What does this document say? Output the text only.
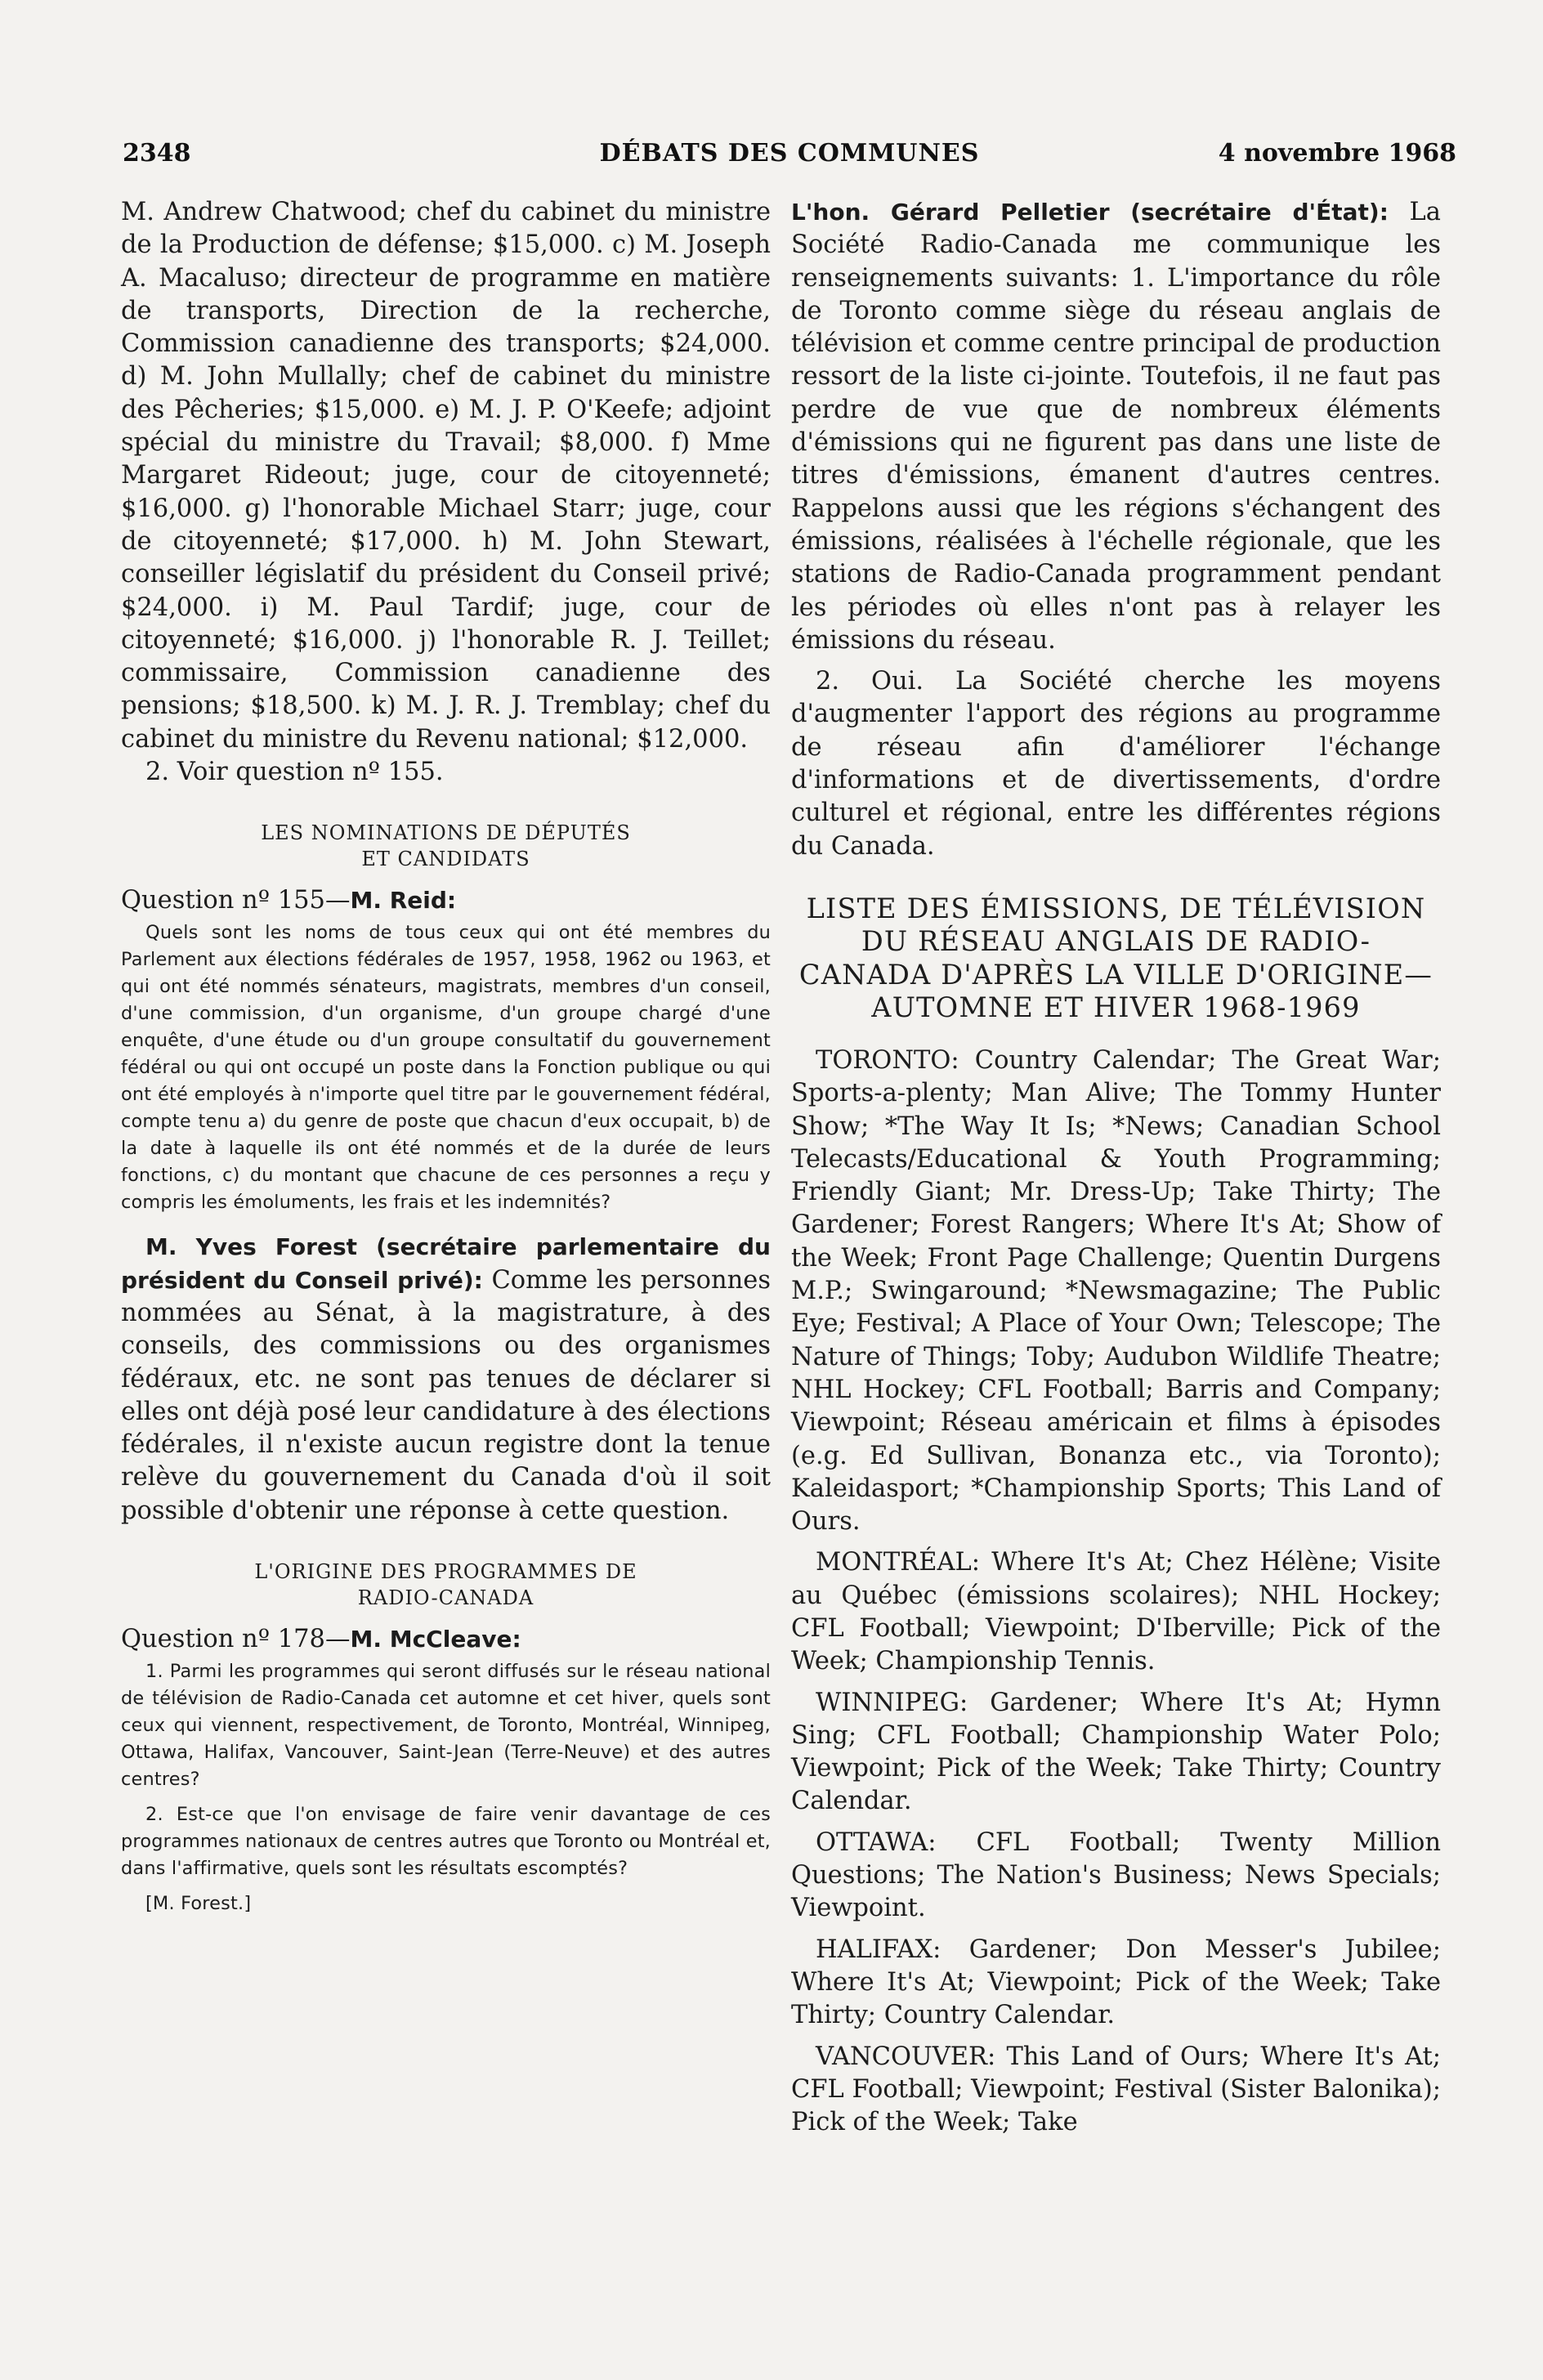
2348	DÉBATS DES COMMUNES	4 novembre 1968

M. Andrew Chatwood; chef du cabinet du ministre de la Production de défense; $15,000. c) M. Joseph A. Macaluso; directeur de programme en matière de transports, Direction de la recherche, Commission canadienne des transports; $24,000. d) M. John Mullally; chef de cabinet du ministre des Pêcheries; $15,000. e) M. J. P. O'Keefe; adjoint spécial du ministre du Travail; $8,000. f) Mme Margaret Rideout; juge, cour de citoyenneté; $16,000. g) l'honorable Michael Starr; juge, cour de citoyenneté; $17,000. h) M. John Stewart, conseiller législatif du président du Conseil privé; $24,000. i) M. Paul Tardif; juge, cour de citoyenneté; $16,000. j) l'honorable R. J. Teillet; commissaire, Commission canadienne des pensions; $18,500. k) M. J. R. J. Tremblay; chef du cabinet du ministre du Revenu national; $12,000.

2. Voir question nº 155.

LES NOMINATIONS DE DÉPUTÉS
ET CANDIDATS
Question nº 155—M. Reid:

Quels sont les noms de tous ceux qui ont été membres du Parlement aux élections fédérales de 1957, 1958, 1962 ou 1963, et qui ont été nommés sénateurs, magistrats, membres d'un conseil, d'une commission, d'un organisme, d'un groupe chargé d'une enquête, d'une étude ou d'un groupe consultatif du gouvernement fédéral ou qui ont occupé un poste dans la Fonction publique ou qui ont été employés à n'importe quel titre par le gouvernement fédéral, compte tenu a) du genre de poste que chacun d'eux occupait, b) de la date à laquelle ils ont été nommés et de la durée de leurs fonctions, c) du montant que chacune de ces personnes a reçu y compris les émoluments, les frais et les indemnités?

M. Yves Forest (secrétaire parlementaire du président du Conseil privé): Comme les personnes nommées au Sénat, à la magistrature, à des conseils, des commissions ou des organismes fédéraux, etc. ne sont pas tenues de déclarer si elles ont déjà posé leur candidature à des élections fédérales, il n'existe aucun registre dont la tenue relève du gouvernement du Canada d'où il soit possible d'obtenir une réponse à cette question.

L'ORIGINE DES PROGRAMMES DE
RADIO-CANADA
Question nº 178—M. McCleave:

1. Parmi les programmes qui seront diffusés sur le réseau national de télévision de Radio-Canada cet automne et cet hiver, quels sont ceux qui viennent, respectivement, de Toronto, Montréal, Winnipeg, Ottawa, Halifax, Vancouver, Saint-Jean (Terre-Neuve) et des autres centres?

2. Est-ce que l'on envisage de faire venir davantage de ces programmes nationaux de centres autres que Toronto ou Montréal et, dans l'affirmative, quels sont les résultats escomptés?

[M. Forest.]

L'hon. Gérard Pelletier (secrétaire d'État): La Société Radio-Canada me communique les renseignements suivants: 1. L'importance du rôle de Toronto comme siège du réseau anglais de télévision et comme centre principal de production ressort de la liste ci-jointe. Toutefois, il ne faut pas perdre de vue que de nombreux éléments d'émissions qui ne figurent pas dans une liste de titres d'émissions, émanent d'autres centres. Rappelons aussi que les régions s'échangent des émissions, réalisées à l'échelle régionale, que les stations de Radio-Canada programment pendant les périodes où elles n'ont pas à relayer les émissions du réseau.

2. Oui. La Société cherche les moyens d'augmenter l'apport des régions au programme de réseau afin d'améliorer l'échange d'informations et de divertissements, d'ordre culturel et régional, entre les différentes régions du Canada.

LISTE DES ÉMISSIONS, DE TÉLÉVISION DU RÉSEAU ANGLAIS DE RADIO-CANADA D'APRÈS LA VILLE D'ORIGINE—AUTOMNE ET HIVER 1968-1969

TORONTO: Country Calendar; The Great War; Sports-a-plenty; Man Alive; The Tommy Hunter Show; *The Way It Is; *News; Canadian School Telecasts/Educational & Youth Programming; Friendly Giant; Mr. Dress-Up; Take Thirty; The Gardener; Forest Rangers; Where It's At; Show of the Week; Front Page Challenge; Quentin Durgens M.P.; Swingaround; *Newsmagazine; The Public Eye; Festival; A Place of Your Own; Telescope; The Nature of Things; Toby; Audubon Wildlife Theatre; NHL Hockey; CFL Football; Barris and Company; Viewpoint; Réseau américain et films à épisodes (e.g. Ed Sullivan, Bonanza etc., via Toronto); Kaleidasport; *Championship Sports; This Land of Ours.

MONTRÉAL: Where It's At; Chez Hélène; Visite au Québec (émissions scolaires); NHL Hockey; CFL Football; Viewpoint; D'Iberville; Pick of the Week; Championship Tennis.

WINNIPEG: Gardener; Where It's At; Hymn Sing; CFL Football; Championship Water Polo; Viewpoint; Pick of the Week; Take Thirty; Country Calendar.

OTTAWA: CFL Football; Twenty Million Questions; The Nation's Business; News Specials; Viewpoint.

HALIFAX: Gardener; Don Messer's Jubilee; Where It's At; Viewpoint; Pick of the Week; Take Thirty; Country Calendar.

VANCOUVER: This Land of Ours; Where It's At; CFL Football; Viewpoint; Festival (Sister Balonika); Pick of the Week; Take
